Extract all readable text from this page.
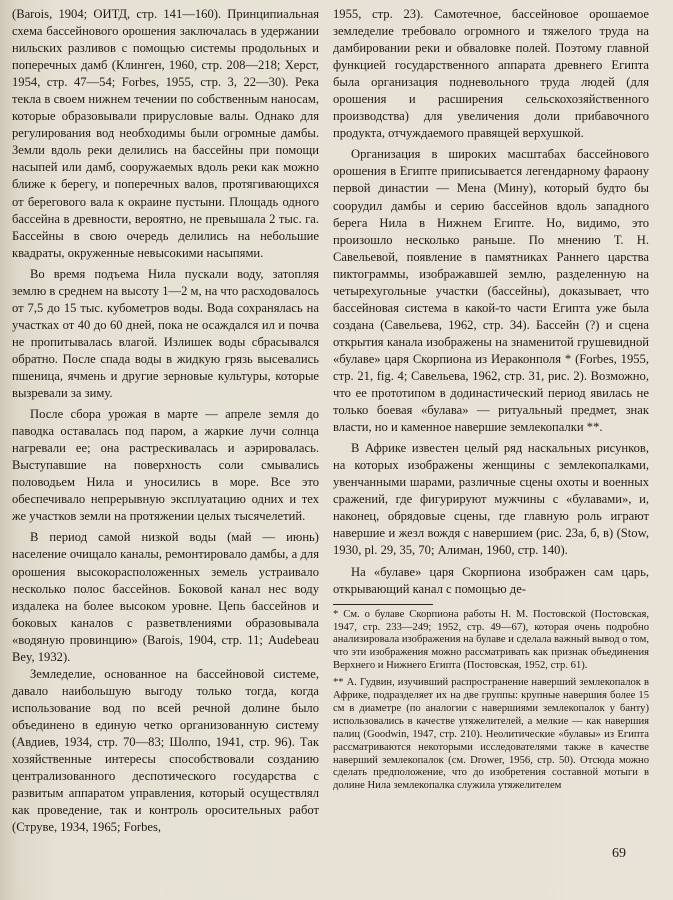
(Barois, 1904; ОИТД, стр. 141—160). Принципиальная схема бассейнового орошения заключалась в удержании нильских разливов с помощью системы продольных и поперечных дамб (Клинген, 1960, стр. 208—218; Херст, 1954, стр. 47—54; Forbes, 1955, стр. 3, 22—30). Река текла в своем нижнем течении по собственным наносам, которые образовывали прирусловые валы. Однако для регулирования вод необходимы были огромные дамбы. Земли вдоль реки делились на бассейны при помощи насыпей или дамб, сооружаемых вдоль реки как можно ближе к берегу, и поперечных валов, протягивающихся от берегового вала к окраине пустыни. Площадь одного бассейна в древности, вероятно, не превышала 2 тыс. га. Бассейны в свою очередь делились на небольшие квадраты, окруженные невысокими насыпями.

Во время подъема Нила пускали воду, затопляя землю в среднем на высоту 1—2 м, на что расходовалось от 7,5 до 15 тыс. кубометров воды. Вода сохранялась на участках от 40 до 60 дней, пока не осаждался ил и почва не пропитывалась влагой. Излишек воды сбрасывался обратно. После спада воды в жидкую грязь высевались пшеница, ячмень и другие зерновые культуры, которые вызревали за зиму.

После сбора урожая в марте — апреле земля до паводка оставалась под паром, а жаркие лучи солнца нагревали ее; она растрескивалась и аэрировалась. Выступавшие на поверхность соли смывались половодьем Нила и уносились в море. Все это обеспечивало непрерывную эксплуатацию одних и тех же участков земли на протяжении целых тысячелетий.

В период самой низкой воды (май — июнь) население очищало каналы, ремонтировало дамбы, а для орошения высокорасположенных земель устраивало несколько полос бассейнов. Боковой канал нес воду издалека на более высоком уровне. Цепь бассейнов и боковых каналов с разветвлениями образовывала «водяную провинцию» (Barois, 1904, стр. 11; Audebeau Bey, 1932).

Земледелие, основанное на бассейновой системе, давало наибольшую выгоду только тогда, когда использование вод по всей речной долине было объединено в единую четко организованную систему (Авдиев, 1934, стр. 70—83; Шолпо, 1941, стр. 96). Так хозяйственные интересы способствовали созданию централизованного деспотического государства с развитым аппаратом управления, который осуществлял как проведение, так и контроль оросительных работ (Струве, 1934, 1965; Forbes,

1955, стр. 23). Самотечное, бассейновое орошаемое земледелие требовало огромного и тяжелого труда на дамбировании реки и обваловке полей. Поэтому главной функцией государственного аппарата древнего Египта была организация подневольного труда людей (для орошения и расширения сельскохозяйственного производства) для увеличения доли прибавочного продукта, отчуждаемого правящей верхушкой.

Организация в широких масштабах бассейнового орошения в Египте приписывается легендарному фараону первой династии — Мена (Мину), который будто бы соорудил дамбы и серию бассейнов вдоль западного берега Нила в Нижнем Египте. Но, видимо, это произошло несколько раньше. По мнению Т. Н. Савельевой, появление в памятниках Раннего царства пиктограммы, изображавшей землю, разделенную на четырехугольные участки (бассейны), доказывает, что бассейновая система в какой-то части Египта уже была создана (Савельева, 1962, стр. 34). Бассейн (?) и сцена открытия канала изображены на знаменитой грушевидной «булаве» царя Скорпиона из Иераконполя * (Forbes, 1955, стр. 21, fig. 4; Савельева, 1962, стр. 31, рис. 2). Возможно, что ее прототипом в додинастический период явилась не только боевая «булава» — ритуальный предмет, знак власти, но и каменное навершие землекопалки **.

В Африке известен целый ряд наскальных рисунков, на которых изображены женщины с землекопалками, увенчанными шарами, различные сцены охоты и военных сражений, где фигурируют мужчины с «булавами», и, наконец, обрядовые сцены, где главную роль играют навершие и жезл вождя с навершием (рис. 23а, б, в) (Stow, 1930, pl. 29, 35, 70; Алиман, 1960, стр. 140).

На «булаве» царя Скорпиона изображен сам царь, открывающий канал с помощью де-

* См. о булаве Скорпиона работы Н. М. Постовской (Постовская, 1947, стр. 233—249; 1952, стр. 49—67), которая очень подробно анализировала изображения на булаве и сделала важный вывод о том, что эти изображения можно рассматривать как признак объединения Верхнего и Нижнего Египта (Постовская, 1952, стр. 61).

** А. Гудвин, изучивший распространение наверший землекопалок в Африке, подразделяет их на две группы: крупные навершия более 15 см в диаметре (по аналогии с навершиями землекопалок у банту) использовались в качестве утяжелителей, а мелкие — как навершия палиц (Goodwin, 1947, стр. 210). Неолитические «булавы» из Египта рассматриваются некоторыми исследователями также в качестве наверший землекопалок (см. Drower, 1956, стр. 50). Отсюда можно сделать предположение, что до изобретения составной мотыги в долине Нила землекопалка служила утяжелителем

69
